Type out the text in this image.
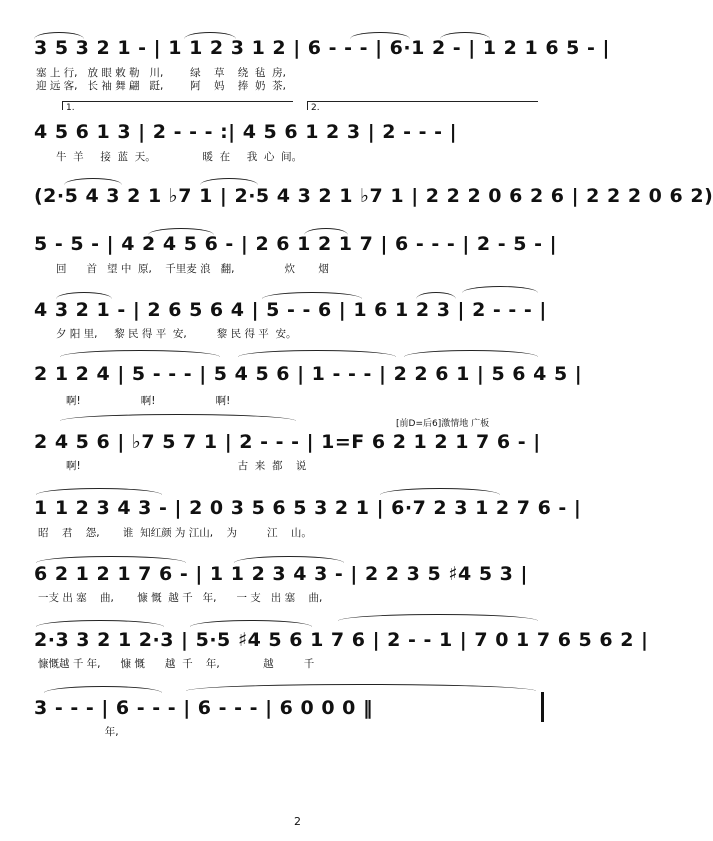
3 5 3 2 1 - | 1 1 2 3 1 2 | 6 - - - | 6·1 2 - | 1 2 1 6 5 - |
塞 上 行,   放 眼 敕 勒   川,        绿    草    绕  毡  房,
迎 远 客,   长 袖 舞 翩   跹,        阿    妈    捧  奶  茶,
1.	2.
4 5 6 1 3 | 2 - - - :| 4 5 6 1 2 3 | 2 - - - |
牛  羊     接  蓝  天。              暖  在     我  心  间。
(2·5 4 3 2 1 ♭7 1 | 2·5 4 3 2 1 ♭7 1 | 2 2 2 0 6 2 6 | 2 2 2 0 6 2)
5 - 5 - | 4 2 4 5 6 - | 2 6 1 2 1 7 | 6 - - - | 2 - 5 - |
回      首   望 中  原,    千里麦 浪   翻,               炊       烟
4 3 2 1 - | 2 6 5 6 4 | 5 - - 6 | 1 6 1 2 3 | 2 - - - |
夕 阳 里,     黎 民 得 平  安,         黎 民 得 平  安。
2 1 2 4 | 5 - - - | 5 4 5 6 | 1 - - - | 2 2 6 1 | 5 6 4 5 |
啊!                  啊!                  啊!
[前D=后6]激情地 广板
2 4 5 6 | ♭7 5 7 1 | 2 - - - | 1=F 6 2 1 2 1 7 6 - |
啊!                                               古  来  都    说
1 1 2 3 4 3 - | 2 0 3 5 6 5 3 2 1 | 6·7 2 3 1 2 7 6 - |
昭    君    怨,       谁  知红颜 为 江山,    为         江    山。
6 2 1 2 1 7 6 - | 1 1 2 3 4 3 - | 2 2 3 5 ♯4 5 3 |
一支 出 塞    曲,       慷 慨  越 千   年,      一 支   出 塞    曲,
2·3 3 2 1 2·3 | 5·5 ♯4 5 6 1 7 6 | 2 - - 1 | 7 0 1 7 6 5 6 2 |
慷慨越 千 年,      慷 慨      越  千    年,             越         千
3 - - - | 6 - - - | 6 - - - | 6 0 0 0 ‖
年,
2
